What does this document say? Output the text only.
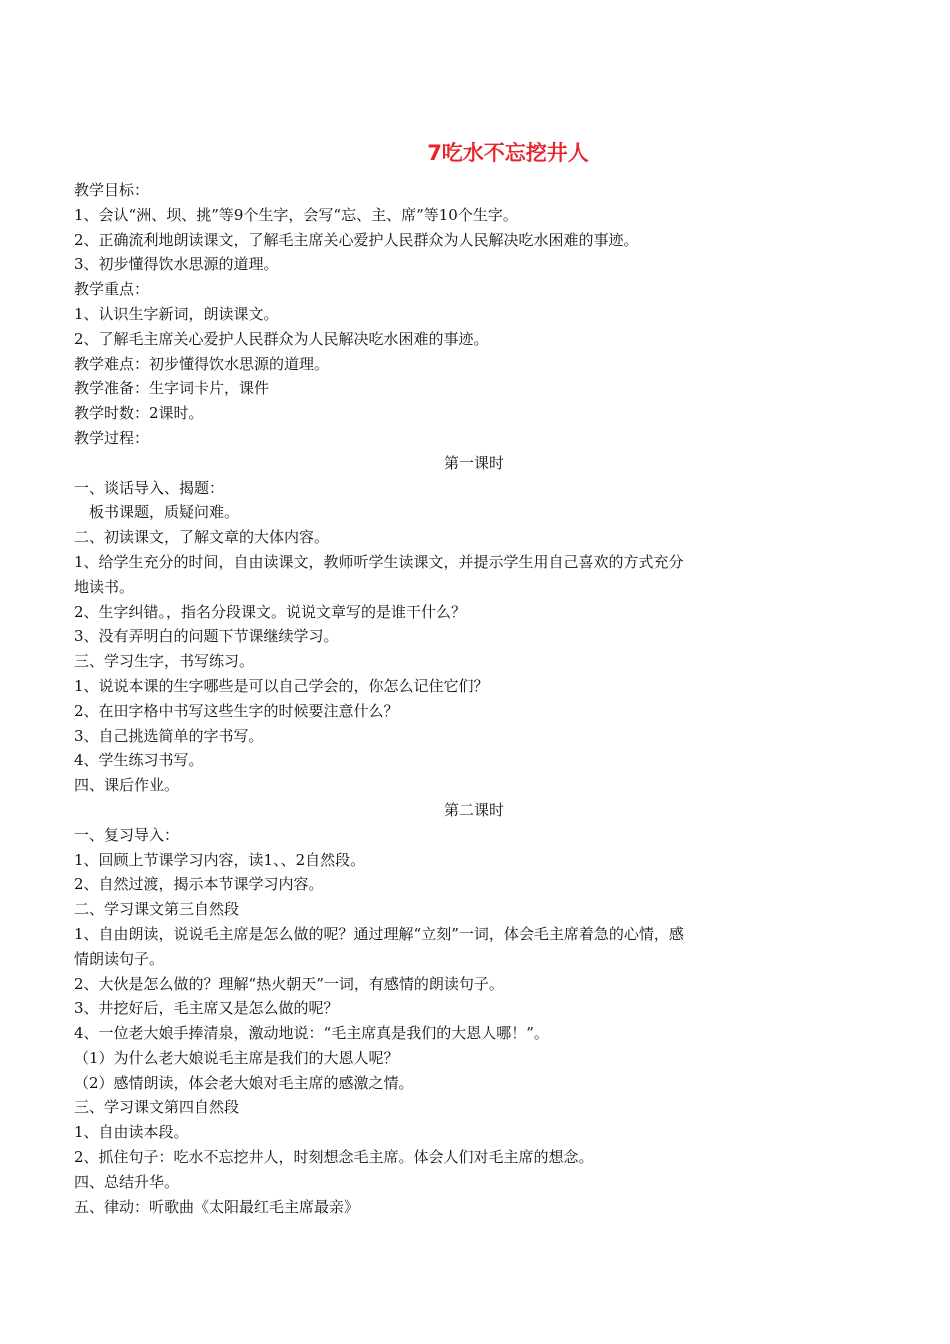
7吃水不忘挖井人
教学目标：
1、会认“洲、坝、挑”等9个生字，会写“忘、主、席”等10个生字。
2、正确流利地朗读课文，了解毛主席关心爱护人民群众为人民解决吃水困难的事迹。
3、初步懂得饮水思源的道理。
教学重点：
1、认识生字新词，朗读课文。
2、了解毛主席关心爱护人民群众为人民解决吃水困难的事迹。
教学难点：初步懂得饮水思源的道理。
教学准备：生字词卡片，课件
教学时数：2课时。
教学过程：
第一课时
一、谈话导入、揭题：
板书课题，质疑问难。
二、初读课文，了解文章的大体内容。
1、给学生充分的时间，自由读课文，教师听学生读课文，并提示学生用自己喜欢的方式充分
地读书。
2、生字纠错。，指名分段课文。说说文章写的是谁干什么？
3、没有弄明白的问题下节课继续学习。
三、学习生字，书写练习。
1、说说本课的生字哪些是可以自己学会的，你怎么记住它们？
2、在田字格中书写这些生字的时候要注意什么？
3、自己挑选简单的字书写。
4、学生练习书写。
四、课后作业。
第二课时
一、复习导入：
1、回顾上节课学习内容，读1、、2自然段。
2、自然过渡，揭示本节课学习内容。
二、学习课文第三自然段
1、自由朗读，说说毛主席是怎么做的呢？通过理解“立刻”一词，体会毛主席着急的心情，感
情朗读句子。
2、大伙是怎么做的？理解“热火朝天”一词，有感情的朗读句子。
3、井挖好后，毛主席又是怎么做的呢？
4、一位老大娘手捧清泉，激动地说：“毛主席真是我们的大恩人哪！”。
（1）为什么老大娘说毛主席是我们的大恩人呢？
（2）感情朗读，体会老大娘对毛主席的感激之情。
三、学习课文第四自然段
1、自由读本段。
2、抓住句子：吃水不忘挖井人，时刻想念毛主席。体会人们对毛主席的想念。
四、总结升华。
五、律动：听歌曲《太阳最红毛主席最亲》
